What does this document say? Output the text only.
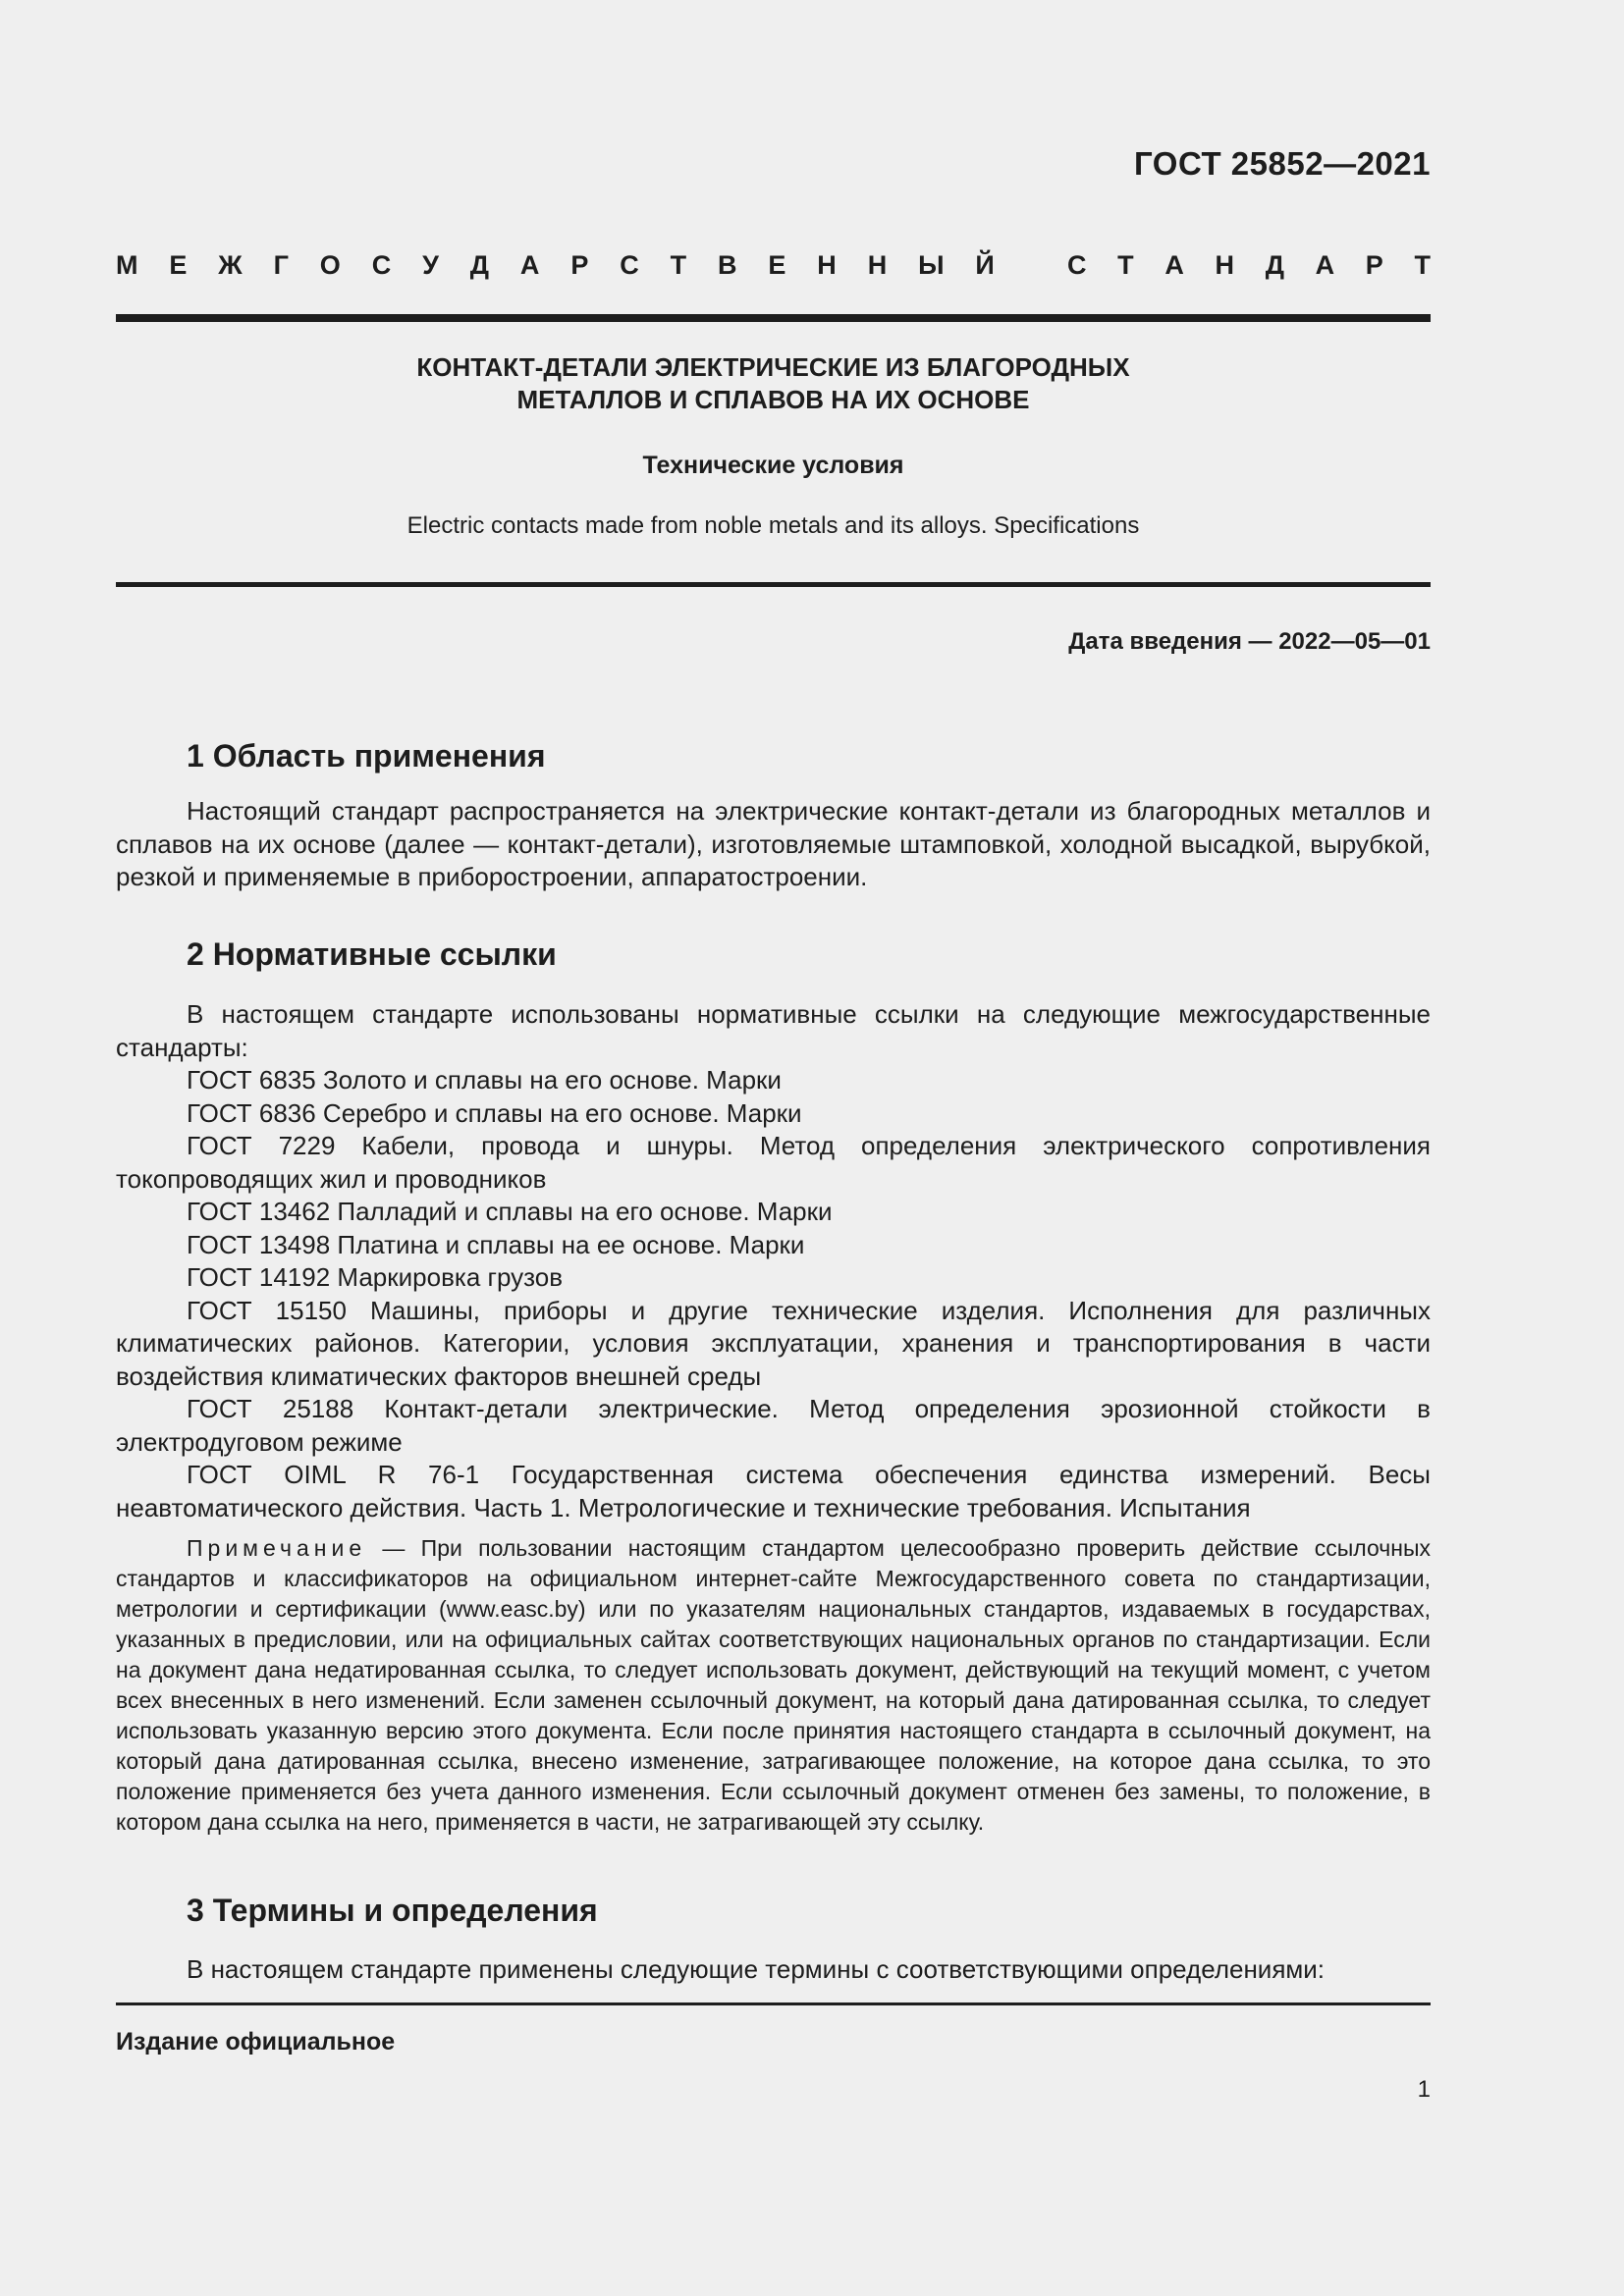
ГОСТ 25852—2021
М Е Ж Г О С У Д А Р С Т В Е Н Н Ы Й	С Т А Н Д А Р Т
КОНТАКТ-ДЕТАЛИ ЭЛЕКТРИЧЕСКИЕ ИЗ БЛАГОРОДНЫХ
МЕТАЛЛОВ И СПЛАВОВ НА ИХ ОСНОВЕ
Технические условия
Electric contacts made from noble metals and its alloys. Specifications
Дата введения — 2022—05—01
1 Область применения

Настоящий стандарт распространяется на электрические контакт-детали из благородных металлов и сплавов на их основе (далее — контакт-детали), изготовляемые штамповкой, холодной высадкой, вырубкой, резкой и применяемые в приборостроении, аппаратостроении.

2 Нормативные ссылки

В настоящем стандарте использованы нормативные ссылки на следующие межгосударственные стандарты:

ГОСТ 6835 Золото и сплавы на его основе. Марки

ГОСТ 6836 Серебро и сплавы на его основе. Марки

ГОСТ 7229 Кабели, провода и шнуры. Метод определения электрического сопротивления токопроводящих жил и проводников

ГОСТ 13462 Палладий и сплавы на его основе. Марки

ГОСТ 13498 Платина и сплавы на ее основе. Марки

ГОСТ 14192 Маркировка грузов

ГОСТ 15150 Машины, приборы и другие технические изделия. Исполнения для различных климатических районов. Категории, условия эксплуатации, хранения и транспортирования в части воздействия климатических факторов внешней среды

ГОСТ 25188 Контакт-детали электрические. Метод определения эрозионной стойкости в электродуговом режиме

ГОСТ OIML R 76-1 Государственная система обеспечения единства измерений. Весы неавтоматического действия. Часть 1. Метрологические и технические требования. Испытания

Примечание — При пользовании настоящим стандартом целесообразно проверить действие ссылочных стандартов и классификаторов на официальном интернет-сайте Межгосударственного совета по стандартизации, метрологии и сертификации (www.easc.by) или по указателям национальных стандартов, издаваемых в государствах, указанных в предисловии, или на официальных сайтах соответствующих национальных органов по стандартизации. Если на документ дана недатированная ссылка, то следует использовать документ, действующий на текущий момент, с учетом всех внесенных в него изменений. Если заменен ссылочный документ, на который дана датированная ссылка, то следует использовать указанную версию этого документа. Если после принятия настоящего стандарта в ссылочный документ, на который дана датированная ссылка, внесено изменение, затрагивающее положение, на которое дана ссылка, то это положение применяется без учета данного изменения. Если ссылочный документ отменен без замены, то положение, в котором дана ссылка на него, применяется в части, не затрагивающей эту ссылку.

3 Термины и определения

В настоящем стандарте применены следующие термины с соответствующими определениями:

Издание официальное
1
